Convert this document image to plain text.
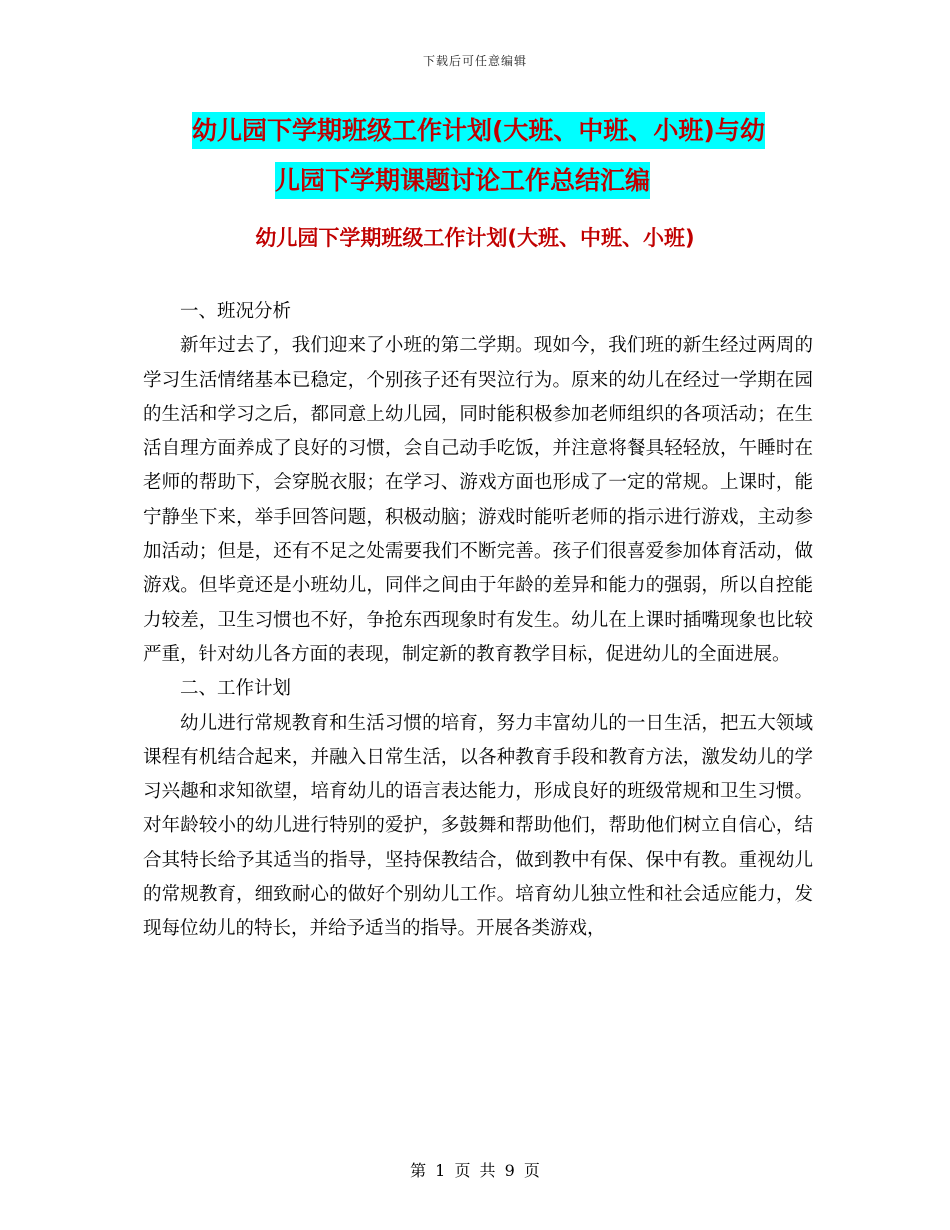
下载后可任意编辑
幼儿园下学期班级工作计划(大班、中班、小班)与幼
儿园下学期课题讨论工作总结汇编
幼儿园下学期班级工作计划(大班、中班、小班)

一、班况分析

新年过去了，我们迎来了小班的第二学期。现如今，我们班的新生经过两周的学习生活情绪基本已稳定，个别孩子还有哭泣行为。原来的幼儿在经过一学期在园的生活和学习之后，都同意上幼儿园，同时能积极参加老师组织的各项活动；在生活自理方面养成了良好的习惯，会自己动手吃饭，并注意将餐具轻轻放，午睡时在老师的帮助下，会穿脱衣服；在学习、游戏方面也形成了一定的常规。上课时，能宁静坐下来，举手回答问题，积极动脑；游戏时能听老师的指示进行游戏，主动参加活动；但是，还有不足之处需要我们不断完善。孩子们很喜爱参加体育活动，做游戏。但毕竟还是小班幼儿，同伴之间由于年龄的差异和能力的强弱，所以自控能力较差，卫生习惯也不好，争抢东西现象时有发生。幼儿在上课时插嘴现象也比较严重，针对幼儿各方面的表现，制定新的教育教学目标，促进幼儿的全面进展。

二、工作计划

幼儿进行常规教育和生活习惯的培育，努力丰富幼儿的一日生活，把五大领域课程有机结合起来，并融入日常生活，以各种教育手段和教育方法，激发幼儿的学习兴趣和求知欲望，培育幼儿的语言表达能力，形成良好的班级常规和卫生习惯。对年龄较小的幼儿进行特别的爱护，多鼓舞和帮助他们，帮助他们树立自信心，结合其特长给予其适当的指导，坚持保教结合，做到教中有保、保中有教。重视幼儿的常规教育，细致耐心的做好个别幼儿工作。培育幼儿独立性和社会适应能力，发现每位幼儿的特长，并给予适当的指导。开展各类游戏，

第 1 页 共 9 页
